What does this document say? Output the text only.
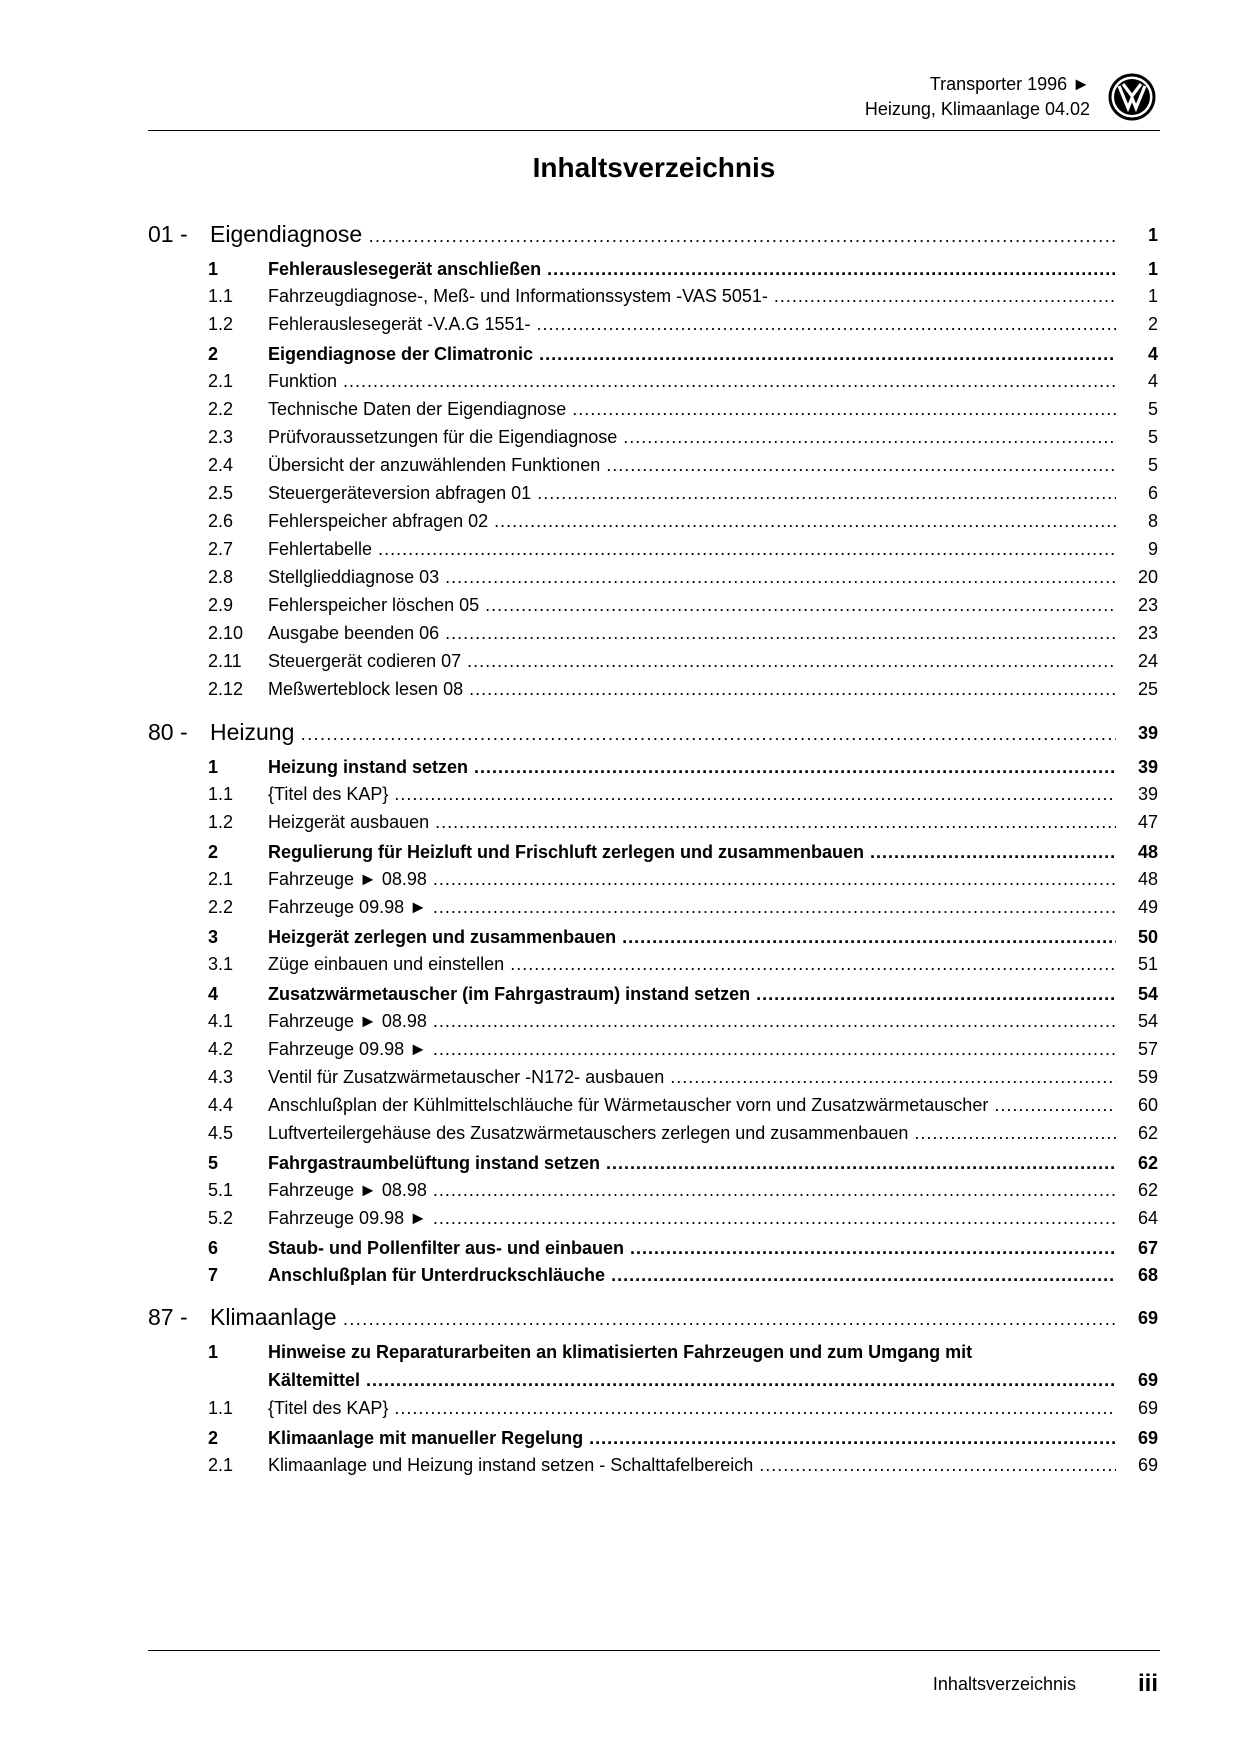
Transporter 1996 ►
Heizung, Klimaanlage 04.02
Inhaltsverzeichnis
01 - Eigendiagnose .....	1
1	Fehlerauslesegerät anschließen .....	1
1.1 Fahrzeugdiagnose-, Meß- und Informationssystem -VAS 5051- .....	1
1.2 Fehlerauslesegerät -V.A.G 1551- .....	2
2	Eigendiagnose der Climatronic .....	4
2.1 Funktion .....	4
2.2 Technische Daten der Eigendiagnose .....	5
2.3 Prüfvoraussetzungen für die Eigendiagnose .....	5
2.4 Übersicht der anzuwählenden Funktionen .....	5
2.5 Steuergeräteversion abfragen 01 .....	6
2.6 Fehlerspeicher abfragen 02 .....	8
2.7 Fehlertabelle .....	9
2.8 Stellglieddiagnose 03 .....	20
2.9 Fehlerspeicher löschen 05 .....	23
2.10 Ausgabe beenden 06 .....	23
2.11 Steuergerät codieren 07 .....	24
2.12 Meßwerteblock lesen 08 .....	25
80 - Heizung .....	39
1	Heizung instand setzen .....	39
1.1 {Titel des KAP} .....	39
1.2 Heizgerät ausbauen .....	47
2	Regulierung für Heizluft und Frischluft zerlegen und zusammenbauen .....	48
2.1 Fahrzeuge ► 08.98 .....	48
2.2 Fahrzeuge 09.98 ► .....	49
3	Heizgerät zerlegen und zusammenbauen .....	50
3.1 Züge einbauen und einstellen .....	51
4	Zusatzwärmetauscher (im Fahrgastraum) instand setzen .....	54
4.1 Fahrzeuge ► 08.98 .....	54
4.2 Fahrzeuge 09.98 ► .....	57
4.3 Ventil für Zusatzwärmetauscher -N172- ausbauen .....	59
4.4 Anschlußplan der Kühlmittelschläuche für Wärmetauscher vorn und Zusatzwärmetauscher .....	60
4.5 Luftverteilergehäuse des Zusatzwärmetauschers zerlegen und zusammenbauen .....	62
5	Fahrgastraumbelüftung instand setzen .....	62
5.1 Fahrzeuge ► 08.98 .....	62
5.2 Fahrzeuge 09.98 ► .....	64
6	Staub- und Pollenfilter aus- und einbauen .....	67
7	Anschlußplan für Unterdruckschläuche .....	68
87 - Klimaanlage .....	69
1	Hinweise zu Reparaturarbeiten an klimatisierten Fahrzeugen und zum Umgang mit
Kältemittel .....	69
1.1 {Titel des KAP} .....	69
2	Klimaanlage mit manueller Regelung .....	69
2.1 Klimaanlage und Heizung instand setzen - Schalttafelbereich .....	69
Inhaltsverzeichnis	iii
